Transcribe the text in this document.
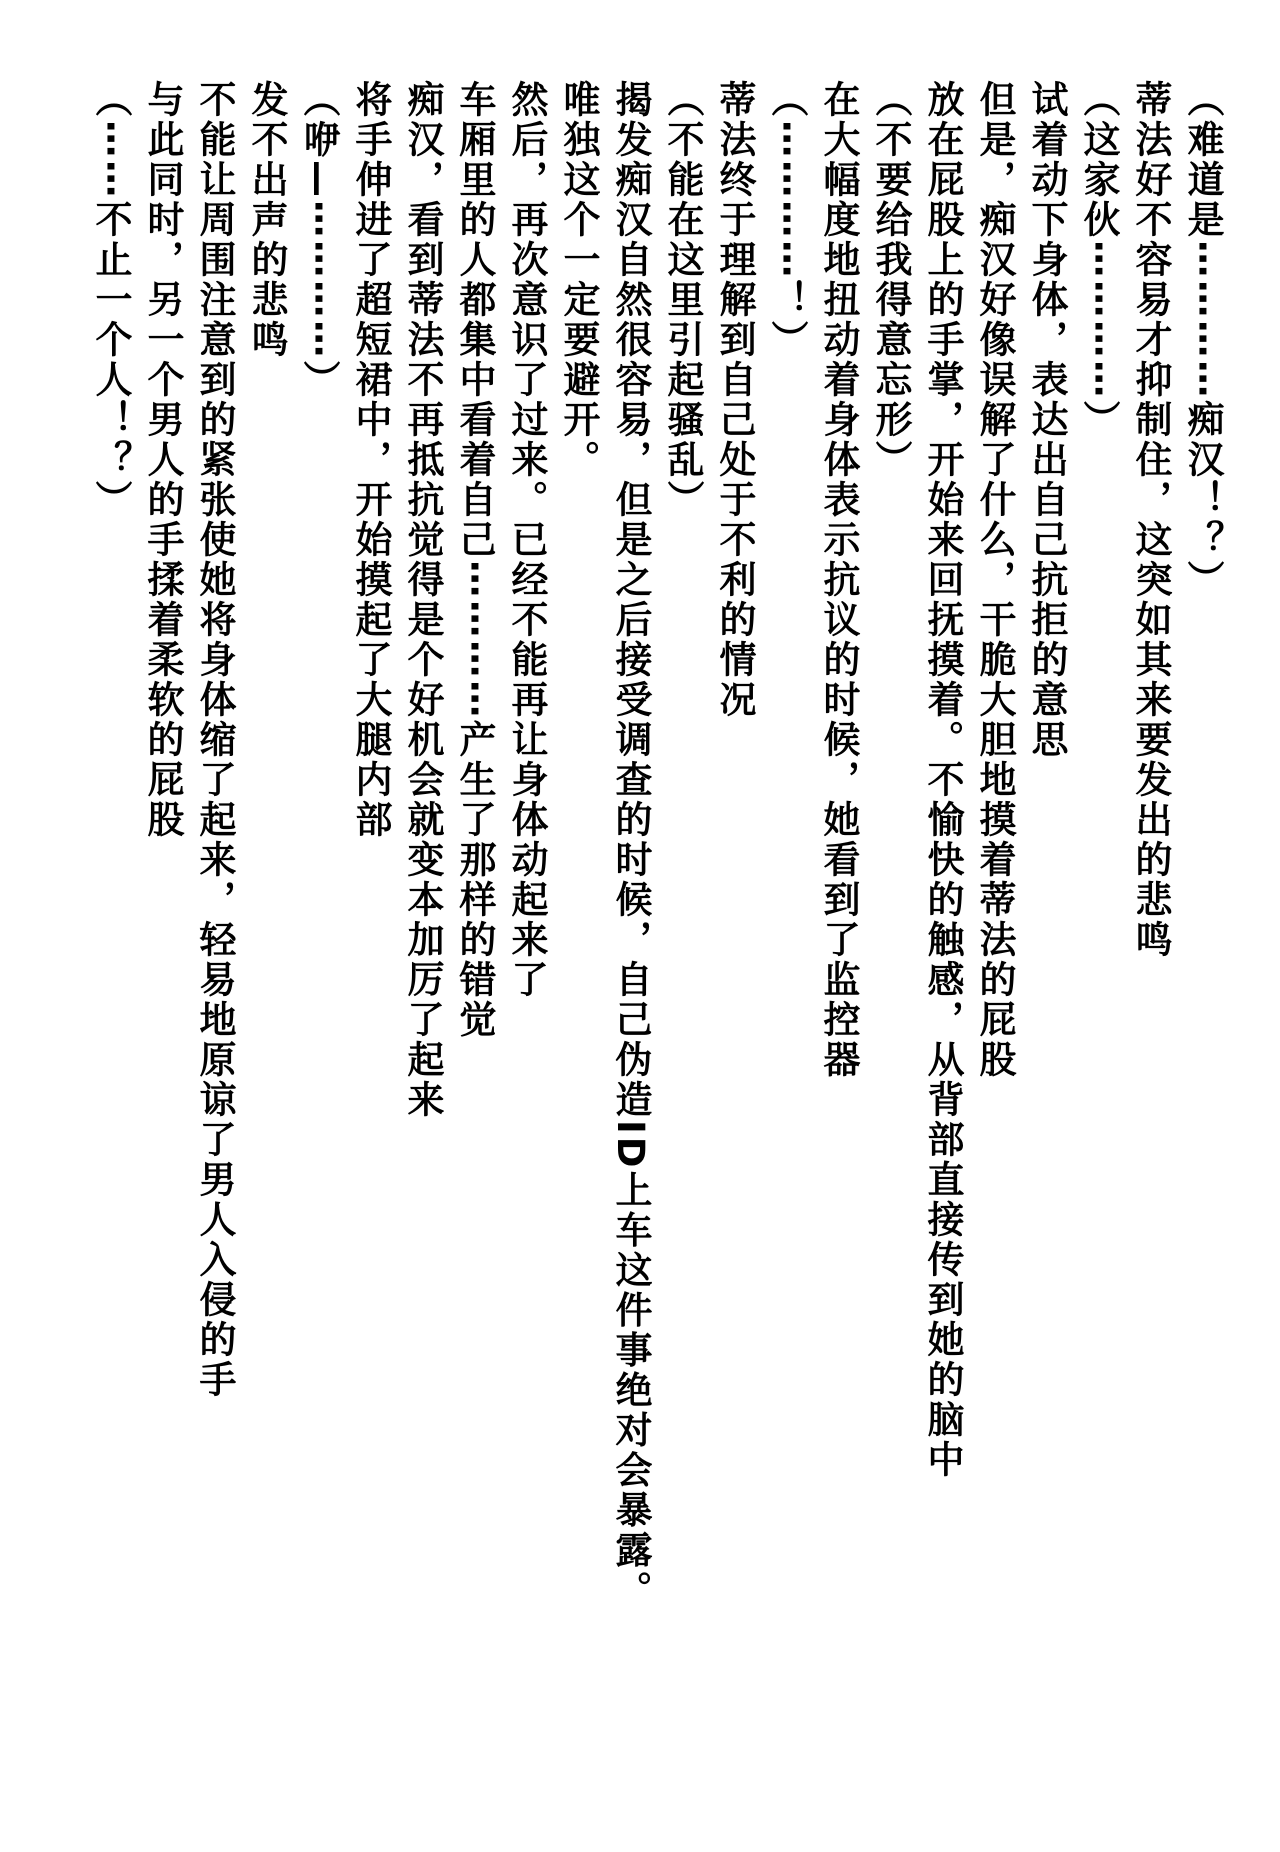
（难道是⋯⋯⋯⋯痴汉！？）

蒂法好不容易才抑制住，这突如其来要发出的悲鸣

（这家伙⋯⋯⋯⋯）

试着动下身体，表达出自己抗拒的意思

但是，痴汉好像误解了什么，干脆大胆地摸着蒂法的屁股

放在屁股上的手掌，开始来回抚摸着。不愉快的触感，从背部直接传到她的脑中

（不要给我得意忘形）

在大幅度地扭动着身体表示抗议的时候，她看到了监控器

（⋯⋯⋯⋯！）

蒂法终于理解到自己处于不利的情况

（不能在这里引起骚乱）

揭发痴汉自然很容易，但是之后接受调查的时候，自己伪造ID上车这件事绝对会暴露。

唯独这个一定要避开。

然后，再次意识了过来。已经不能再让身体动起来了

车厢里的人都集中看着自己⋯⋯⋯⋯产生了那样的错觉

痴汉，看到蒂法不再抵抗觉得是个好机会就变本加厉了起来

将手伸进了超短裙中，开始摸起了大腿内部

（咿—⋯⋯⋯⋯）

发不出声的悲鸣

不能让周围注意到的紧张使她将身体缩了起来，轻易地原谅了男人入侵的手

与此同时，另一个男人的手揉着柔软的屁股

（⋯⋯不止一个人！？）
